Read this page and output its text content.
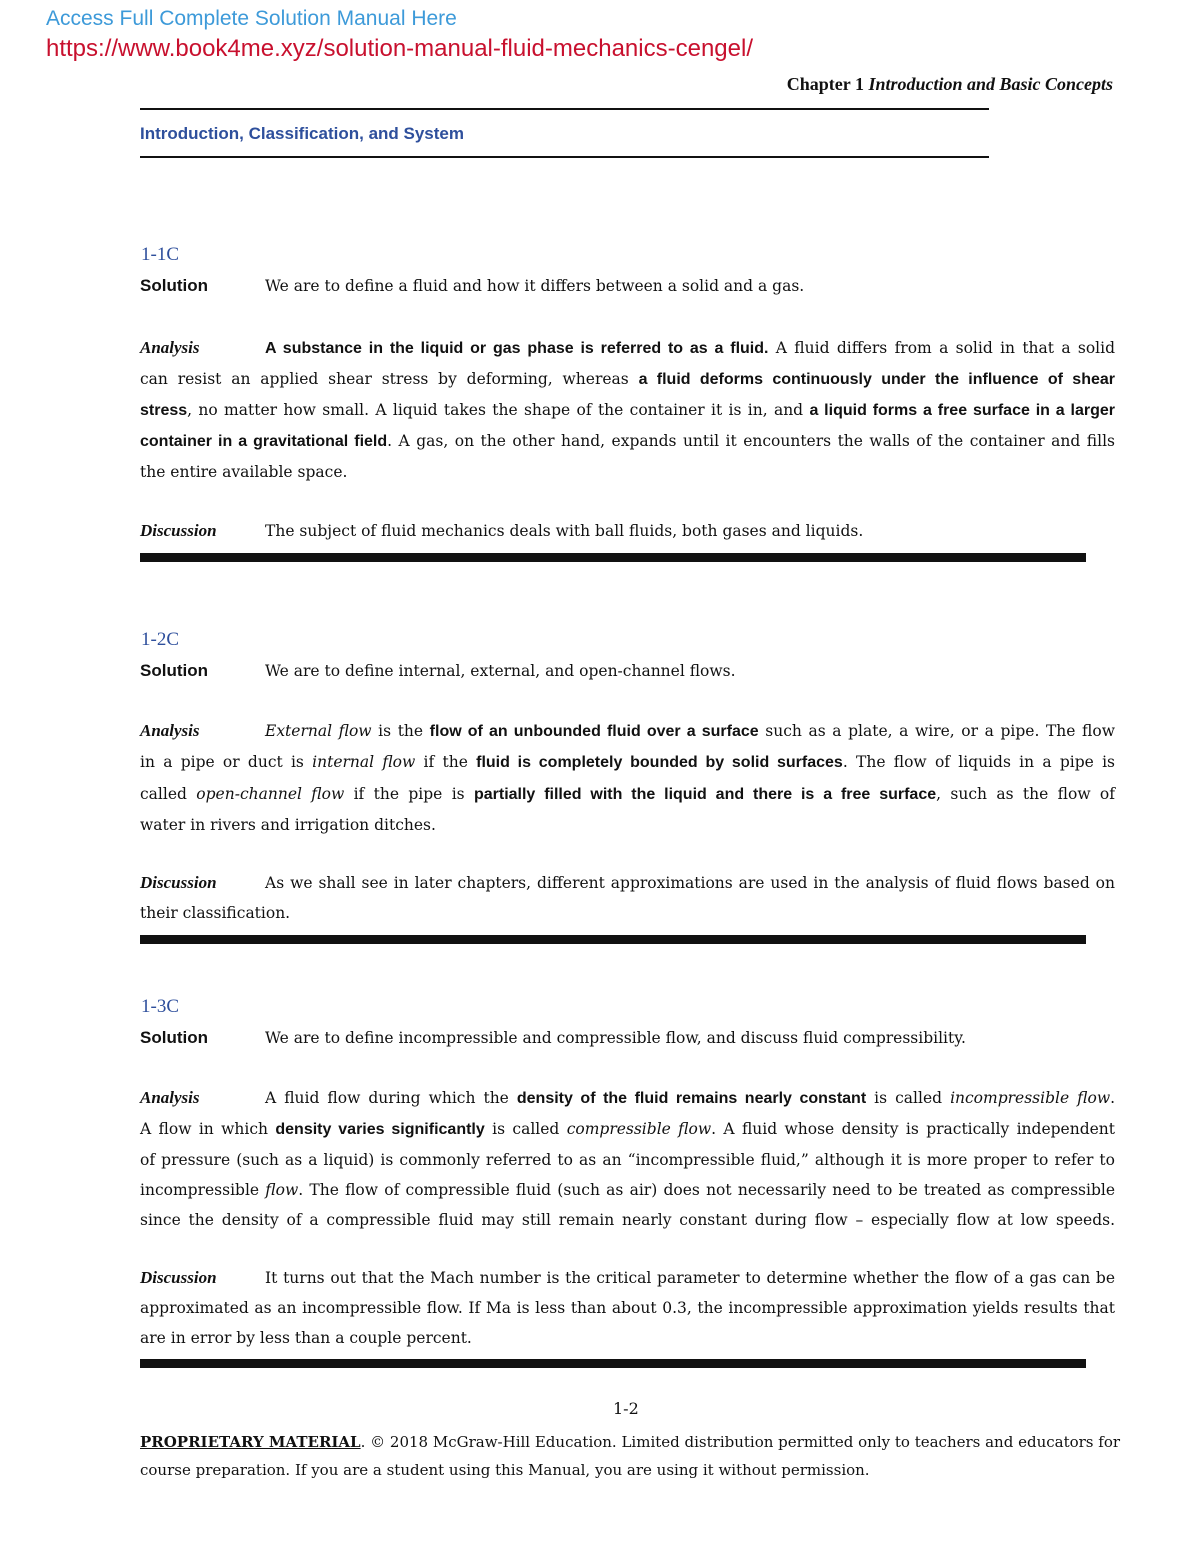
Access Full Complete Solution Manual Here
https://www.book4me.xyz/solution-manual-fluid-mechanics-cengel/
Chapter 1 Introduction and Basic Concepts
Introduction, Classification, and System
1-1C
Solution	We are to define a fluid and how it differs between a solid and a gas.
Analysis	A substance in the liquid or gas phase is referred to as a fluid. A fluid differs from a solid in that a solid
can resist an applied shear stress by deforming, whereas a fluid deforms continuously under the influence of shear
stress, no matter how small. A liquid takes the shape of the container it is in, and a liquid forms a free surface in a larger
container in a gravitational field. A gas, on the other hand, expands until it encounters the walls of the container and fills
the entire available space.
Discussion	The subject of fluid mechanics deals with ball fluids, both gases and liquids.
1-2C
Solution	We are to define internal, external, and open-channel flows.
Analysis	External flow is the flow of an unbounded fluid over a surface such as a plate, a wire, or a pipe. The flow
in a pipe or duct is internal flow if the fluid is completely bounded by solid surfaces. The flow of liquids in a pipe is
called open-channel flow if the pipe is partially filled with the liquid and there is a free surface, such as the flow of
water in rivers and irrigation ditches.
Discussion	As we shall see in later chapters, different approximations are used in the analysis of fluid flows based on
their classification.
1-3C
Solution	We are to define incompressible and compressible flow, and discuss fluid compressibility.
Analysis	A fluid flow during which the density of the fluid remains nearly constant is called incompressible flow.
A flow in which density varies significantly is called compressible flow. A fluid whose density is practically independent
of pressure (such as a liquid) is commonly referred to as an “incompressible fluid,” although it is more proper to refer to
incompressible flow. The flow of compressible fluid (such as air) does not necessarily need to be treated as compressible
since the density of a compressible fluid may still remain nearly constant during flow – especially flow at low speeds.
Discussion	It turns out that the Mach number is the critical parameter to determine whether the flow of a gas can be
approximated as an incompressible flow. If Ma is less than about 0.3, the incompressible approximation yields results that
are in error by less than a couple percent.
1-2
PROPRIETARY MATERIAL. © 2018 McGraw-Hill Education. Limited distribution permitted only to teachers and educators for
course preparation. If you are a student using this Manual, you are using it without permission.
